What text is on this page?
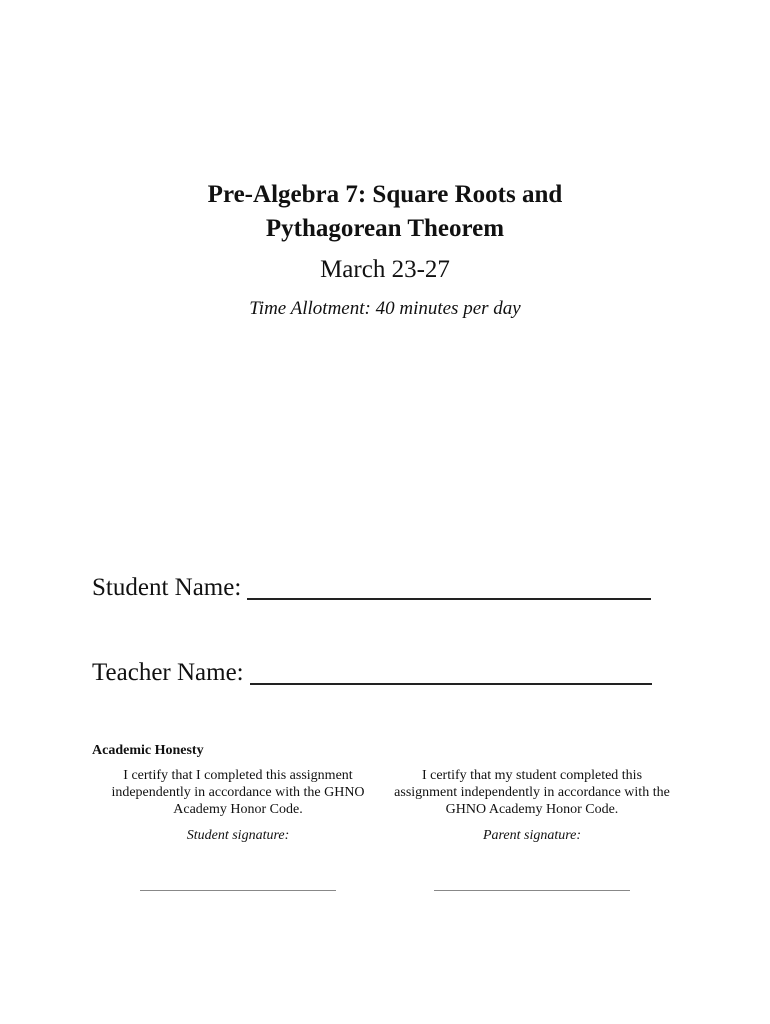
Pre-Algebra 7: Square Roots and
Pythagorean Theorem
March 23-27
Time Allotment: 40 minutes per day
Student Name:
Teacher Name:
Academic Honesty
I certify that I completed this assignment independently in accordance with the GHNO Academy Honor Code.
I certify that my student completed this assignment independently in accordance with the GHNO Academy Honor Code.
Student signature:	Parent signature:
